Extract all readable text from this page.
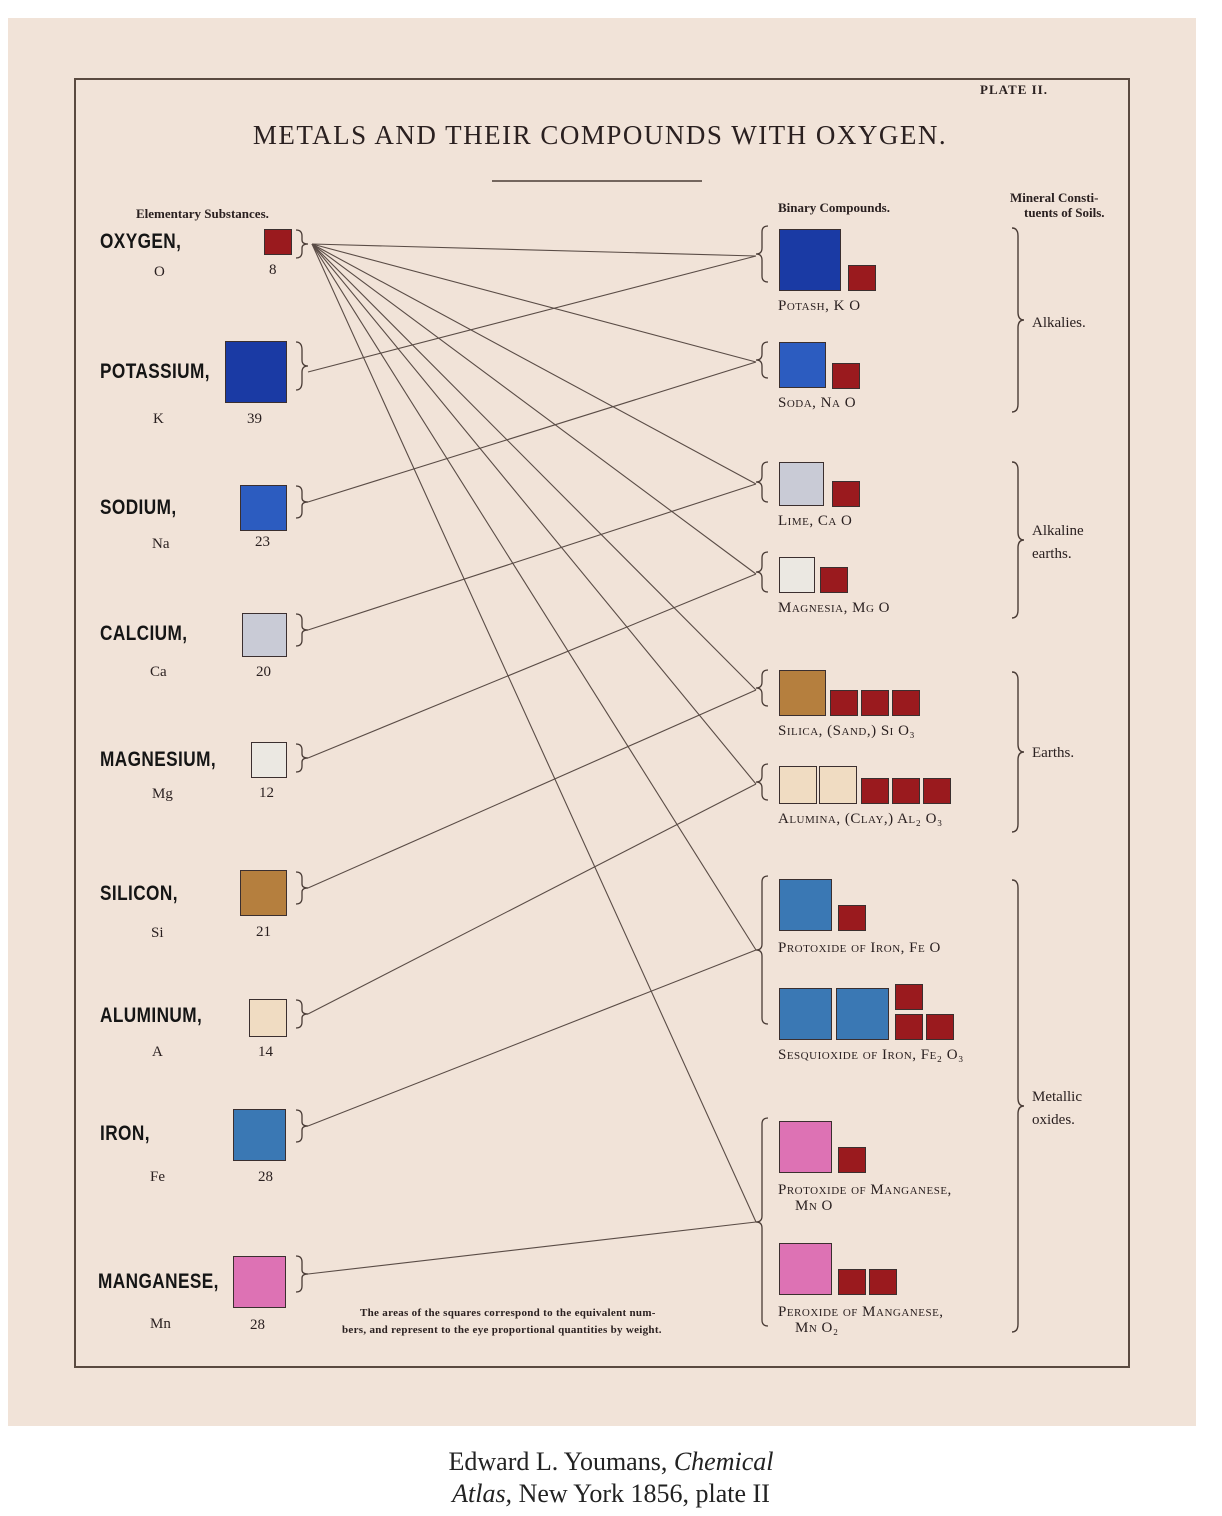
PLATE II.
METALS AND THEIR COMPOUNDS WITH OXYGEN.
Elementary Substances.	Binary Compounds.
Mineral Consti-
tuents of Soils.
OXYGEN,
O	8
POTASSIUM,
K	39
SODIUM,
Na	23
CALCIUM,
Ca	20
MAGNESIUM,
Mg	12
SILICON,
Si	21
ALUMINUM,
A	14
IRON,
Fe	28
MANGANESE,
Mn	28
Potash, K O
Soda, Na O
Lime, Ca O
Magnesia, Mg O
Silica, (Sand,) Si O₃
Alumina, (Clay,) Al₂ O₃
Protoxide of Iron, Fe O
Sesquioxide of Iron, Fe₂ O₃
Protoxide of Manganese,
Mn O
Peroxide of Manganese,
Mn O₂
Alkalies.
Alkaline
earths.
Earths.
Metallic
oxides.
The areas of the squares correspond to the equivalent num-
bers, and represent to the eye proportional quantities by weight.
Edward L. Youmans, Chemical
Atlas, New York 1856, plate II
